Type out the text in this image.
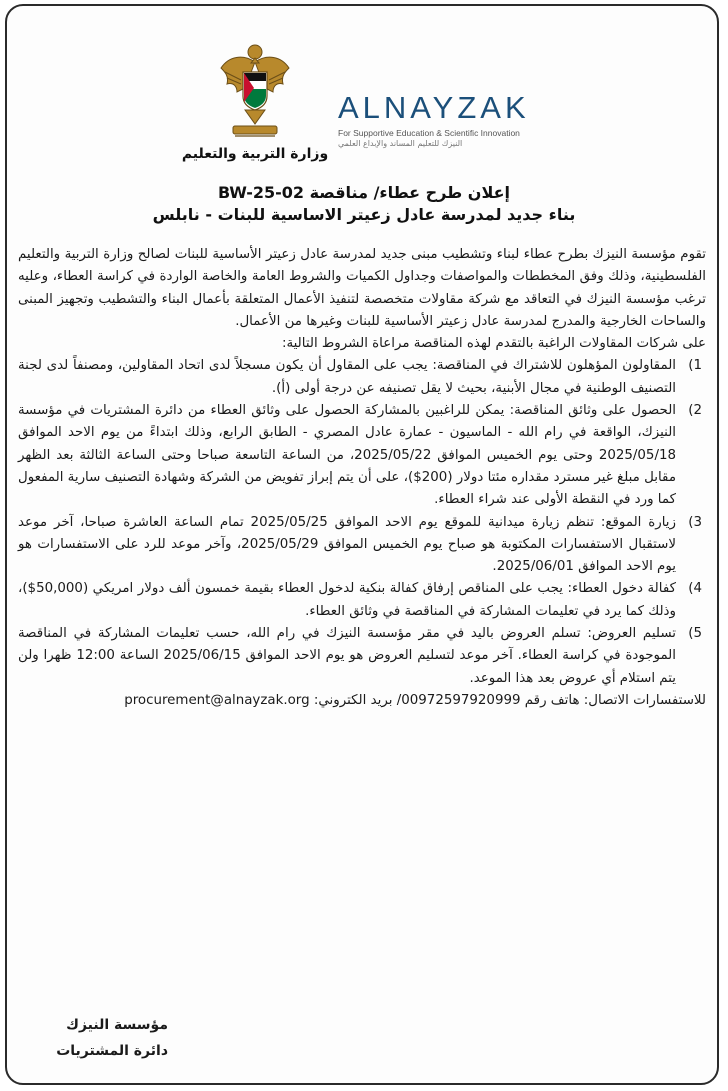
وزارة التربية والتعليم
ALNAYZAK
For Supportive Education & Scientific Innovation
النيزك للتعليم المساند والإبداع العلمي
إعلان طرح عطاء/ مناقصة BW-25-02
بناء جديد لمدرسة عادل زعيتر الاساسية للبنات - نابلس

تقوم مؤسسة النيزك بطرح عطاء لبناء وتشطيب مبنى جديد لمدرسة عادل زعيتر الأساسية للبنات لصالح وزارة التربية والتعليم الفلسطينية، وذلك وفق المخططات والمواصفات وجداول الكميات والشروط العامة والخاصة الواردة في كراسة العطاء، وعليه ترغب مؤسسة النيزك في التعاقد مع شركة مقاولات متخصصة لتنفيذ الأعمال المتعلقة بأعمال البناء والتشطيب وتجهيز المبنى والساحات الخارجية والمدرج لمدرسة عادل زعيتر الأساسية للبنات وغيرها من الأعمال.

على شركات المقاولات الراغبة بالتقدم لهذه المناقصة مراعاة الشروط التالية:

1)
المقاولون المؤهلون للاشتراك في المناقصة: يجب على المقاول أن يكون مسجلاً لدى اتحاد المقاولين، ومصنفاً لدى لجنة التصنيف الوطنية في مجال الأبنية، بحيث لا يقل تصنيفه عن درجة أولى (أ).
2)
الحصول على وثائق المناقصة: يمكن للراغبين بالمشاركة الحصول على وثائق العطاء من دائرة المشتريات في مؤسسة النيزك، الواقعة في رام الله - الماسيون - عمارة عادل المصري - الطابق الرابع، وذلك ابتداءً من يوم الاحد الموافق 2025/05/18 وحتى يوم الخميس الموافق 2025/05/22، من الساعة التاسعة صباحا وحتى الساعة الثالثة بعد الظهر مقابل مبلغ غير مسترد مقداره مئتا دولار (200$)، على أن يتم إبراز تفويض من الشركة وشهادة التصنيف سارية المفعول كما ورد في النقطة الأولى عند شراء العطاء.
3)
زيارة الموقع: تنظم زيارة ميدانية للموقع يوم الاحد الموافق 2025/05/25 تمام الساعة العاشرة صباحا، آخر موعد لاستقبال الاستفسارات المكتوبة هو صباح يوم الخميس الموافق 2025/05/29، وآخر موعد للرد على الاستفسارات هو يوم الاحد الموافق 2025/06/01.
4)
كفالة دخول العطاء: يجب على المناقص إرفاق كفالة بنكية لدخول العطاء بقيمة خمسون ألف دولار امريكي (50,000$)، وذلك كما يرد في تعليمات المشاركة في المناقصة في وثائق العطاء.
5)
تسليم العروض: تسلم العروض باليد في مقر مؤسسة النيزك في رام الله، حسب تعليمات المشاركة في المناقصة الموجودة في كراسة العطاء. آخر موعد لتسليم العروض هو يوم الاحد الموافق 2025/06/15 الساعة 12:00 ظهرا ولن يتم استلام أي عروض بعد هذا الموعد.

للاستفسارات الاتصال: هاتف رقم 00972597920999/ بريد الكتروني: procurement@alnayzak.org

مؤسسة النيزك
دائرة المشتريات
